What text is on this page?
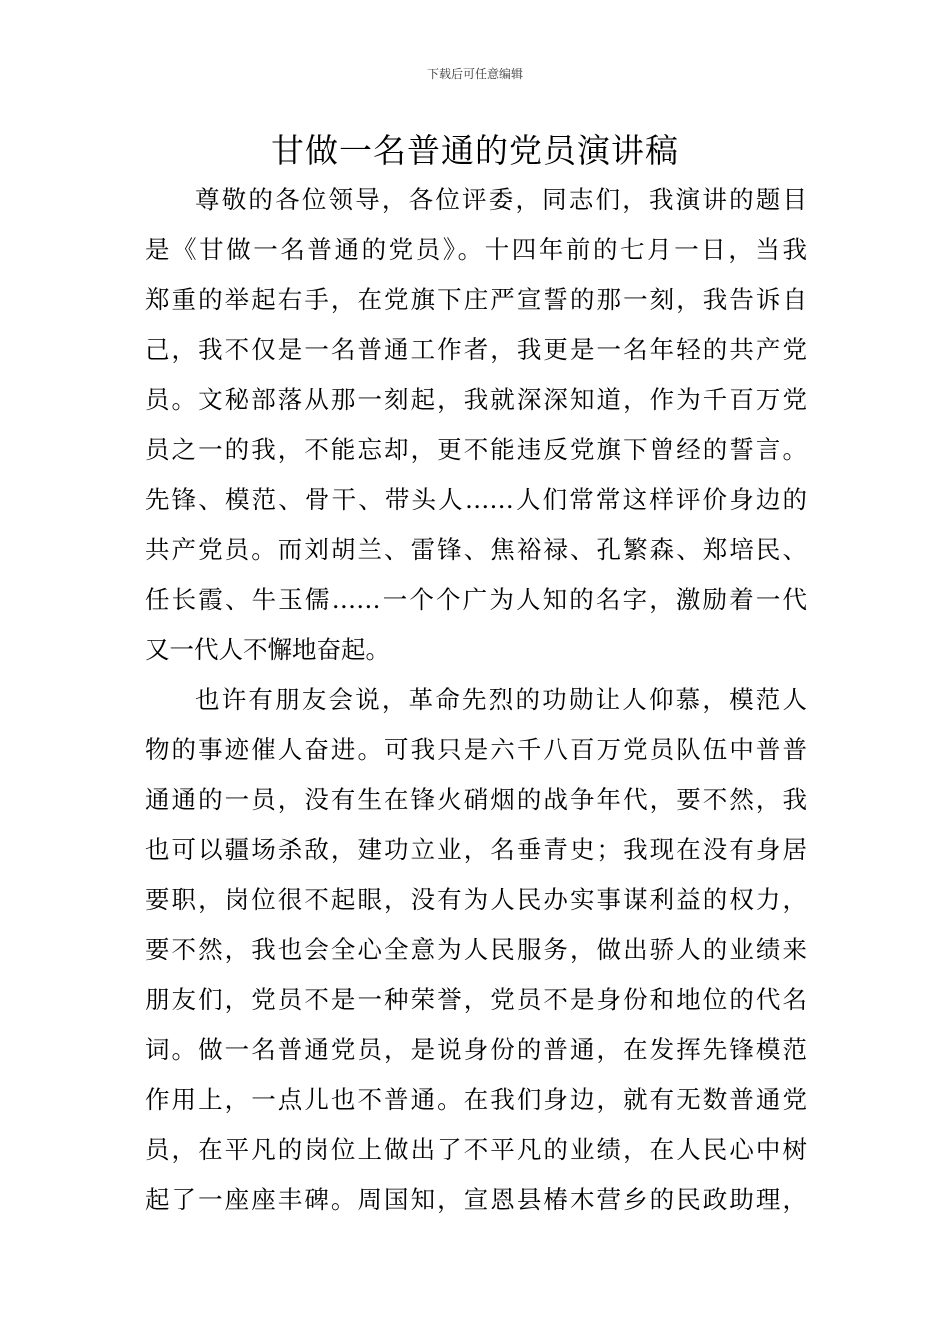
下载后可任意编辑
甘做一名普通的党员演讲稿
尊敬的各位领导，各位评委，同志们，我演讲的题目
是《甘做一名普通的党员》。十四年前的七月一日，当我
郑重的举起右手，在党旗下庄严宣誓的那一刻，我告诉自
己，我不仅是一名普通工作者，我更是一名年轻的共产党
员。文秘部落从那一刻起，我就深深知道，作为千百万党
员之一的我，不能忘却，更不能违反党旗下曾经的誓言。
先锋、模范、骨干、带头人……人们常常这样评价身边的
共产党员。而刘胡兰、雷锋、焦裕禄、孔繁森、郑培民、
任长霞、牛玉儒……一个个广为人知的名字，激励着一代
又一代人不懈地奋起。
也许有朋友会说，革命先烈的功勋让人仰慕，模范人
物的事迹催人奋进。可我只是六千八百万党员队伍中普普
通通的一员，没有生在锋火硝烟的战争年代，要不然，我
也可以疆场杀敌，建功立业，名垂青史；我现在没有身居
要职，岗位很不起眼，没有为人民办实事谋利益的权力，
要不然，我也会全心全意为人民服务，做出骄人的业绩来
朋友们，党员不是一种荣誉，党员不是身份和地位的代名
词。做一名普通党员，是说身份的普通，在发挥先锋模范
作用上，一点儿也不普通。在我们身边，就有无数普通党
员，在平凡的岗位上做出了不平凡的业绩，在人民心中树
起了一座座丰碑。周国知，宣恩县椿木营乡的民政助理，
